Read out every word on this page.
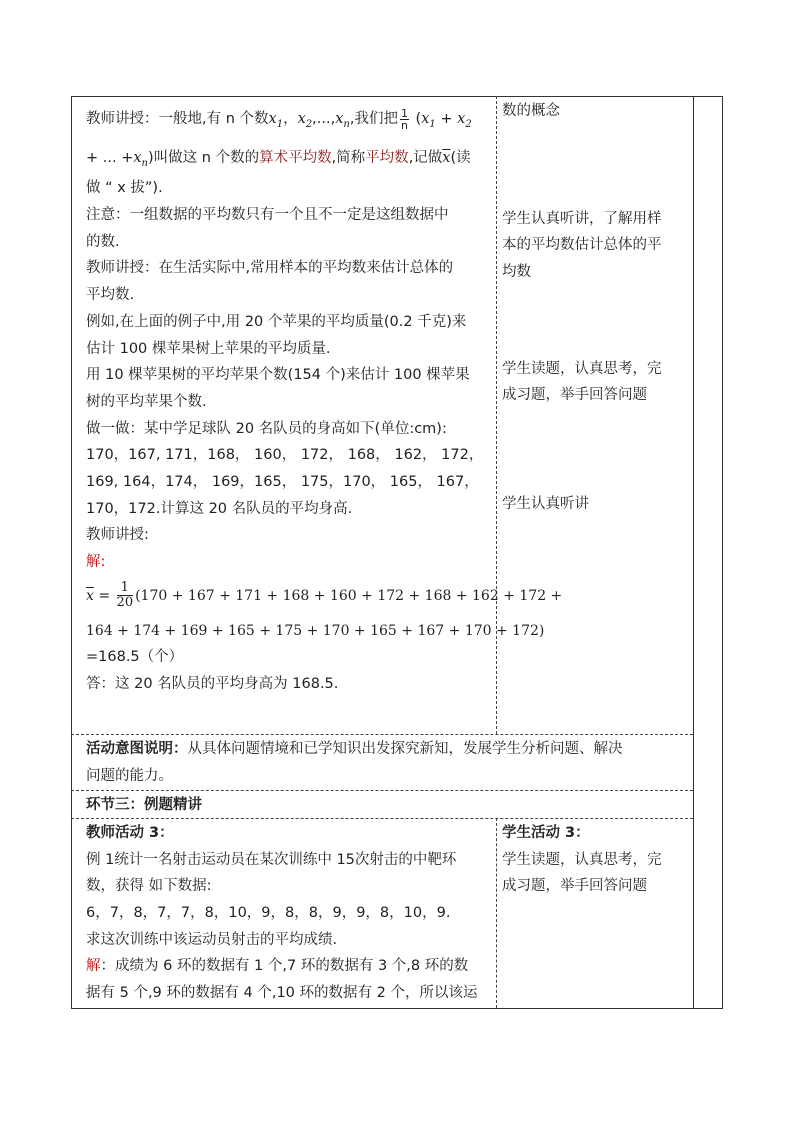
教师讲授：一般地,有 n 个数$x_1$，$x_2,...,x_n$,我们把 $\frac{1}{n} (x_1 + x_2$
+ ... $+x_n$)叫做这 n 个数的算术平均数,简称平均数,记做$\overline{x}$(读
做 “ x 拔”).
注意：一组数据的平均数只有一个且不一定是这组数据中
的数.
教师讲授：在生活实际中,常用样本的平均数来估计总体的
平均数.
例如,在上面的例子中,用 20 个苹果的平均质量(0.2 千克)来
估计 100 棵苹果树上苹果的平均质量.
用 10 棵苹果树的平均苹果个数(154 个)来估计 100 棵苹果
树的平均苹果个数.
做一做：某中学足球队 20 名队员的身高如下(单位:cm):
170，167, 171，168， 160， 172， 168， 162， 172，
169, 164，174， 169，165， 175，170， 165， 167，
170，172.计算这 20 名队员的平均身高.
教师讲授:
解:
$\overline{x} = \frac{1}{20} (170 + 167 + 171 + 168 + 160 + 172 + 168 + 162 + 172$ +
164 + 174 + 169 + 165 + 175 + 170 + 165 + 167 + 170 + 172)
=168.5（个）
答：这 20 名队员的平均身高为 168.5.
数的概念
学生认真听讲，了解用样
本的平均数估计总体的平
均数
学生读题，认真思考，完
成习题，举手回答问题
学生认真听讲
活动意图说明：从具体问题情境和已学知识出发探究新知，发展学生分析问题、解决
问题的能力。
环节三：例题精讲
教师活动 3：
例 1统计一名射击运动员在某次训练中 15次射击的中靶环
数，获得 如下数据:
6，7，8，7，7，8，10，9，8，8，9，9，8，10，9.
求这次训练中该运动员射击的平均成绩.
解：成绩为 6 环的数据有 1 个,7 环的数据有 3 个,8 环的数
据有 5 个,9 环的数据有 4 个,10 环的数据有 2 个，所以该运
学生活动 3：
学生读题，认真思考，完
成习题，举手回答问题
